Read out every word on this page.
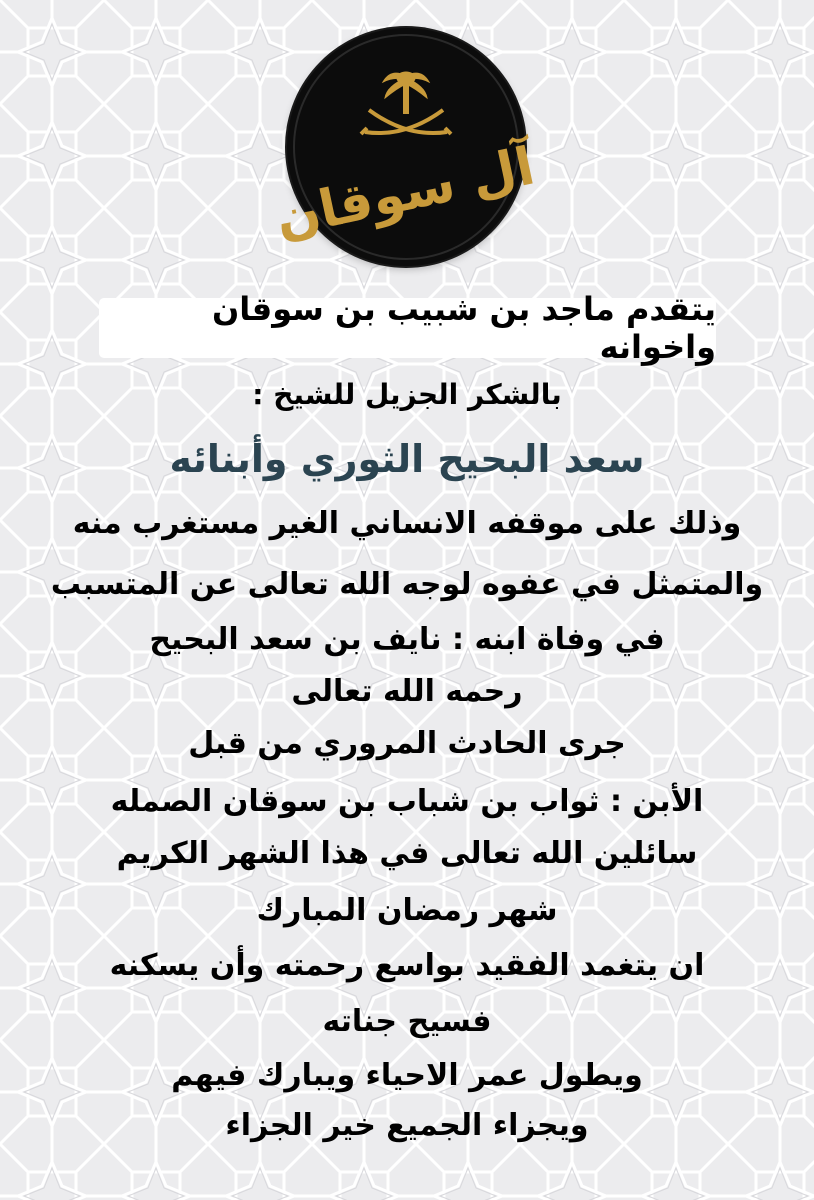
آل سوقان
يتقدم ماجد بن شبيب بن سوقان واخوانه
بالشكر الجزيل للشيخ :
سعد البحيح الثوري وأبنائه
وذلك على موقفه الانساني الغير مستغرب منه
والمتمثل في عفوه لوجه الله تعالى عن المتسبب
في وفاة ابنه : نايف بن سعد البحيح
رحمه الله تعالى
جرى الحادث المروري من قبل
الأبن : ثواب بن شباب بن سوقان الصمله
سائلين الله تعالى في هذا الشهر الكريم
شهر رمضان المبارك
ان يتغمد الفقيد بواسع رحمته وأن يسكنه
فسيح جناته
ويطول عمر الاحياء ويبارك فيهم
ويجزاء الجميع خير الجزاء
